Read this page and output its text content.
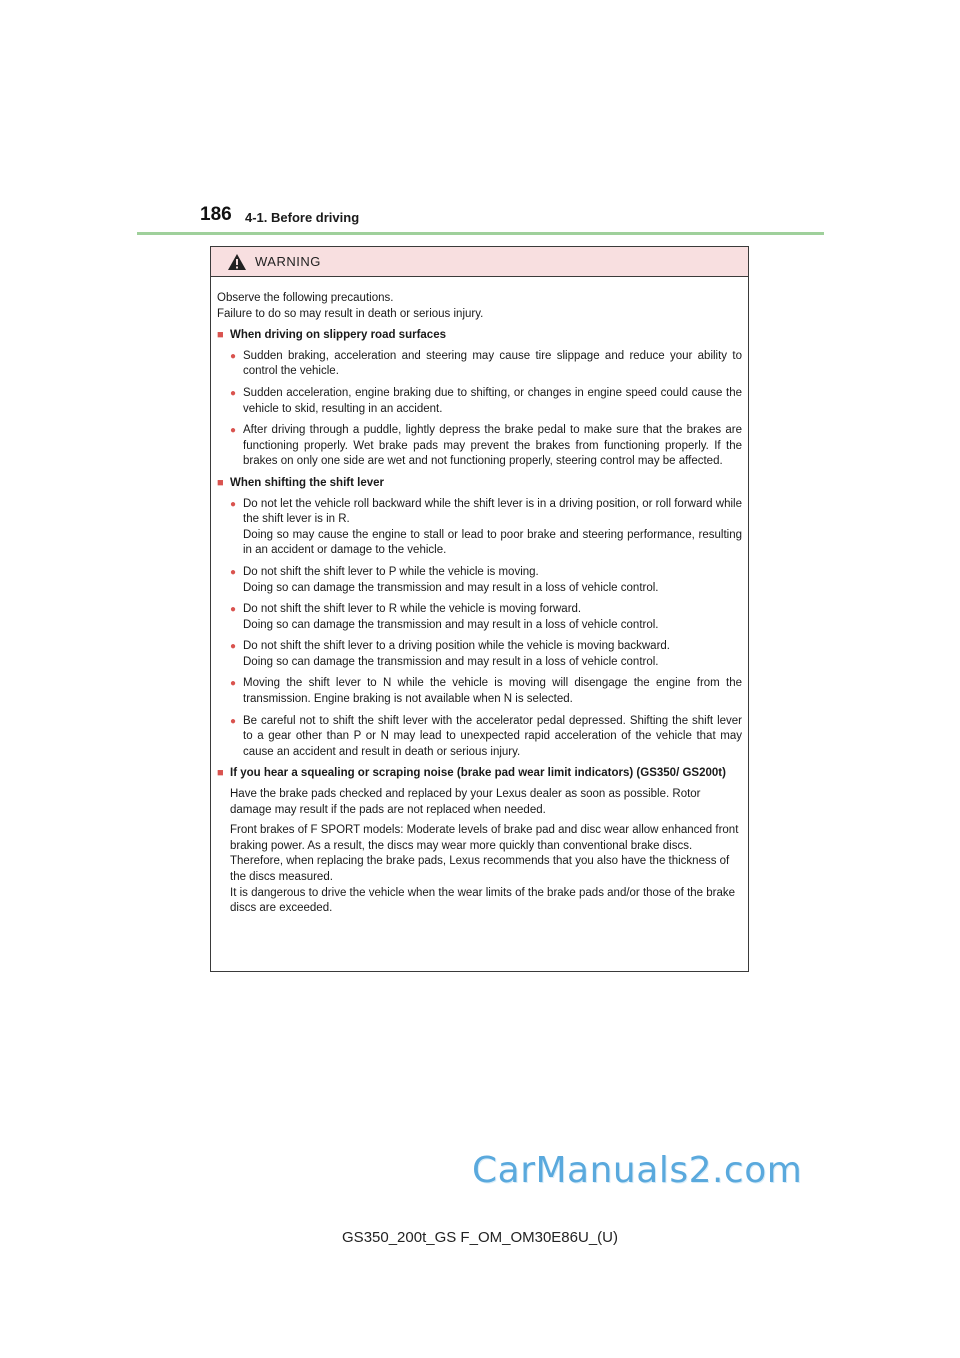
186 4-1. Before driving
WARNING
Observe the following precautions.
Failure to do so may result in death or serious injury.
■ When driving on slippery road surfaces
● Sudden braking, acceleration and steering may cause tire slippage and reduce your ability to control the vehicle.
● Sudden acceleration, engine braking due to shifting, or changes in engine speed could cause the vehicle to skid, resulting in an accident.
● After driving through a puddle, lightly depress the brake pedal to make sure that the brakes are functioning properly. Wet brake pads may prevent the brakes from functioning properly. If the brakes on only one side are wet and not functioning properly, steering control may be affected.
■ When shifting the shift lever
● Do not let the vehicle roll backward while the shift lever is in a driving position, or roll forward while the shift lever is in R.
Doing so may cause the engine to stall or lead to poor brake and steering performance, resulting in an accident or damage to the vehicle.
● Do not shift the shift lever to P while the vehicle is moving.
Doing so can damage the transmission and may result in a loss of vehicle control.
● Do not shift the shift lever to R while the vehicle is moving forward.
Doing so can damage the transmission and may result in a loss of vehicle control.
● Do not shift the shift lever to a driving position while the vehicle is moving backward.
Doing so can damage the transmission and may result in a loss of vehicle control.
● Moving the shift lever to N while the vehicle is moving will disengage the engine from the transmission. Engine braking is not available when N is selected.
● Be careful not to shift the shift lever with the accelerator pedal depressed. Shifting the shift lever to a gear other than P or N may lead to unexpected rapid acceleration of the vehicle that may cause an accident and result in death or serious injury.
■ If you hear a squealing or scraping noise (brake pad wear limit indicators) (GS350/ GS200t)
Have the brake pads checked and replaced by your Lexus dealer as soon as possible. Rotor damage may result if the pads are not replaced when needed.
Front brakes of F SPORT models: Moderate levels of brake pad and disc wear allow enhanced front braking power. As a result, the discs may wear more quickly than conventional brake discs. Therefore, when replacing the brake pads, Lexus recommends that you also have the thickness of the discs measured.
It is dangerous to drive the vehicle when the wear limits of the brake pads and/or those of the brake discs are exceeded.
CarManuals2.com
GS350_200t_GS F_OM_OM30E86U_(U)
